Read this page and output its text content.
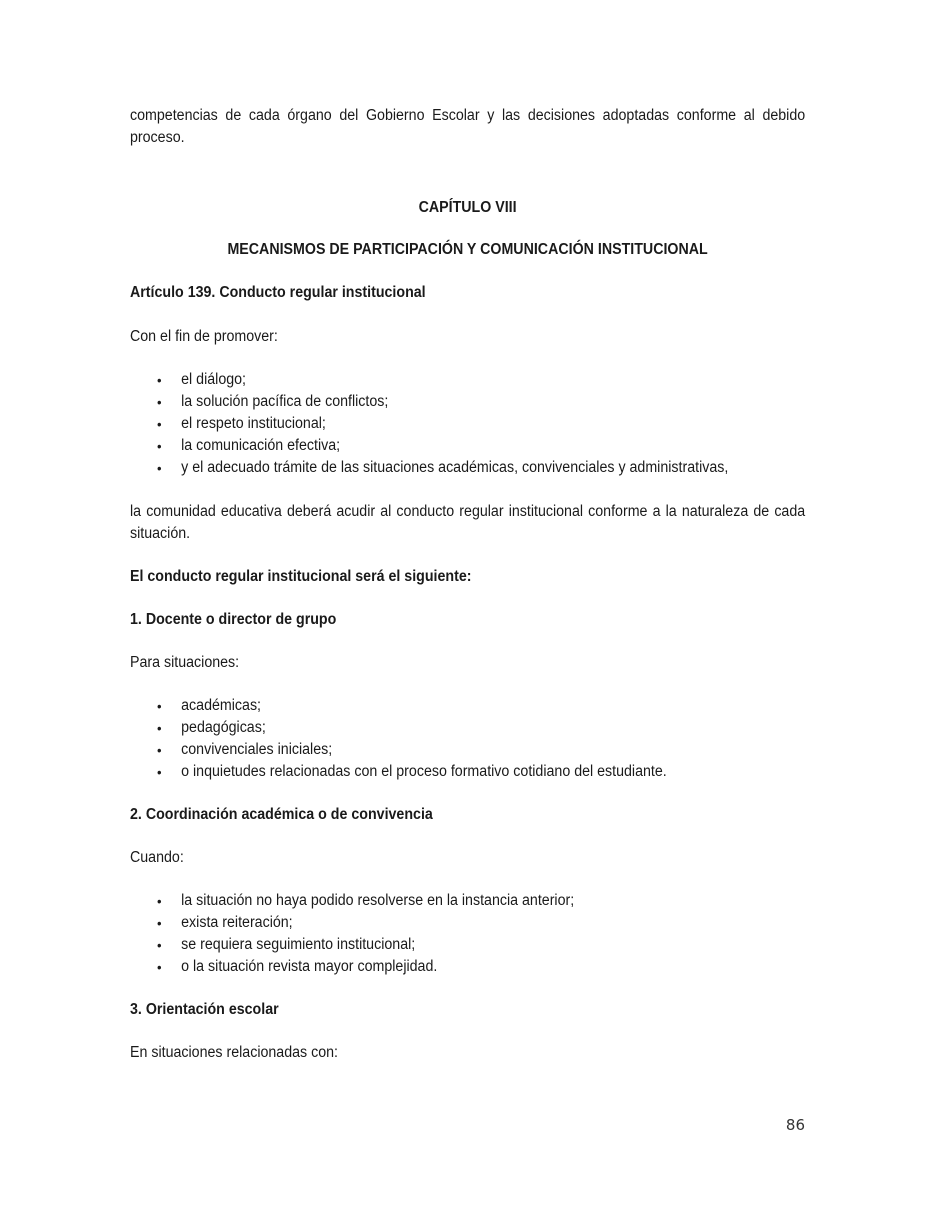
competencias de cada órgano del Gobierno Escolar y las decisiones adoptadas conforme al debido proceso.

CAPÍTULO VIII

MECANISMOS DE PARTICIPACIÓN Y COMUNICACIÓN INSTITUCIONAL

Artículo 139. Conducto regular institucional

Con el fin de promover:

• el diálogo;
• la solución pacífica de conflictos;
• el respeto institucional;
• la comunicación efectiva;
• y el adecuado trámite de las situaciones académicas, convivenciales y administrativas,

la comunidad educativa deberá acudir al conducto regular institucional conforme a la naturaleza de cada situación.

El conducto regular institucional será el siguiente:

1. Docente o director de grupo

Para situaciones:

• académicas;
• pedagógicas;
• convivenciales iniciales;
• o inquietudes relacionadas con el proceso formativo cotidiano del estudiante.

2. Coordinación académica o de convivencia

Cuando:

• la situación no haya podido resolverse en la instancia anterior;
• exista reiteración;
• se requiera seguimiento institucional;
• o la situación revista mayor complejidad.

3. Orientación escolar

En situaciones relacionadas con:

86
